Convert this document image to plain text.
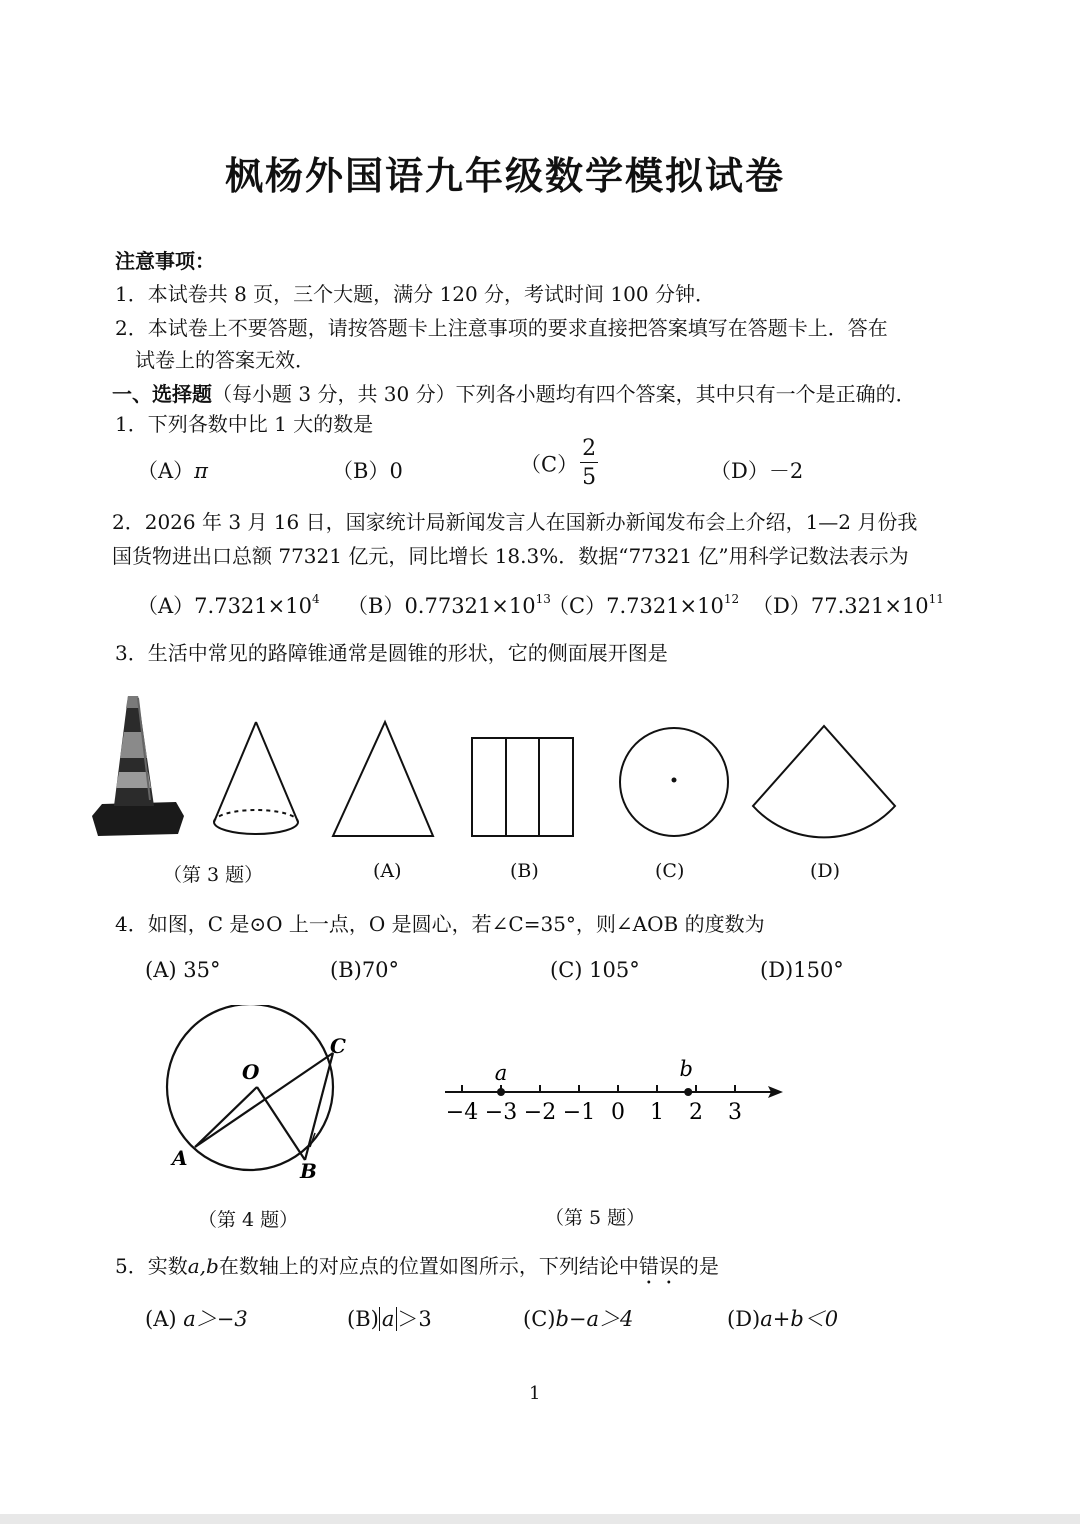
枫杨外国语九年级数学模拟试卷
注意事项：
1．本试卷共 8 页，三个大题，满分 120 分，考试时间 100 分钟．
2．本试卷上不要答题，请按答题卡上注意事项的要求直接把答案填写在答题卡上．答在
试卷上的答案无效．
一、选择题（每小题 3 分，共 30 分）下列各小题均有四个答案，其中只有一个是正确的．
1．下列各数中比 1 大的数是
（A）π	（B）0	$(C) \frac{2}{5}$	（D）－2
2．2026 年 3 月 16 日，国家统计局新闻发言人在国新办新闻发布会上介绍，1—2 月份我
国货物进出口总额 77321 亿元，同比增长 18.3%．数据“77321 亿”用科学记数法表示为
$(A)7.7321\times 10^4$ $(B)0.77321\times 10^{13}$
$(C)7.7321\times 10^{12}$ $(D)77.321\times 10^{11}$
3．生活中常见的路障锥通常是圆锥的形状，它的侧面展开图是
（第 3 题）	(A)	(B)	(C)	(D)
4．如图，C 是⊙O 上一点，O 是圆心，若∠C=35°，则∠AOB 的度数为
(A) 35°	(B)70°	(C) 105°	(D)150°
O
A
B
C
−4 −3 −2 −1 0 1 2 3
a	b
（第 4 题）	（第 5 题）
5．实数a,b在数轴上的对应点的位置如图所示，下列结论中错误的是
(A) a＞−3	(B) a ＞3	(C)b−a＞4	(D)a+b＜0
1
